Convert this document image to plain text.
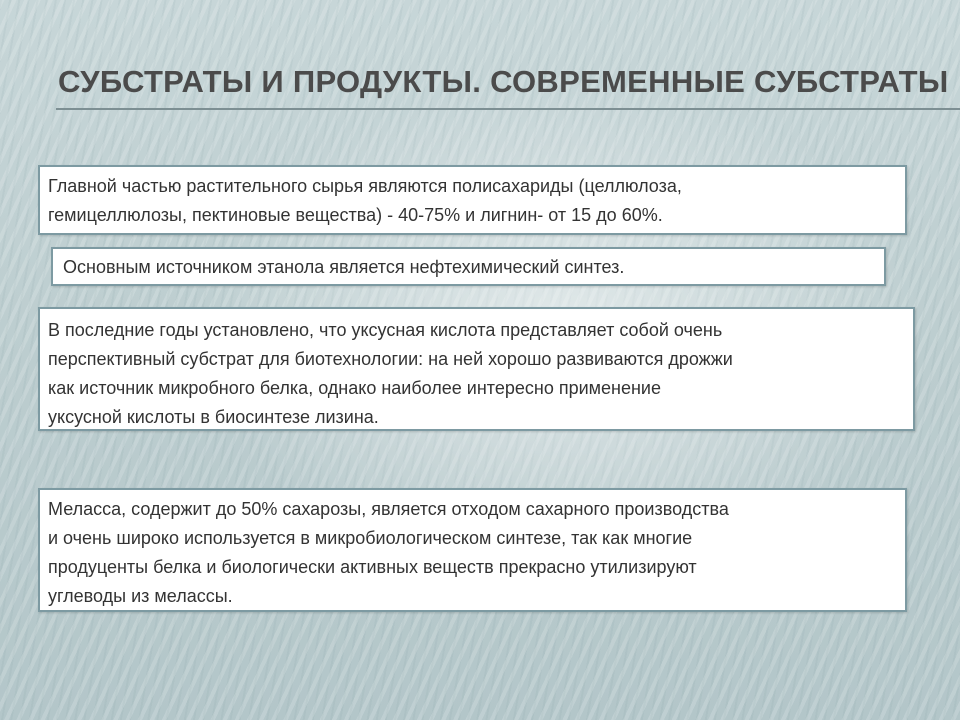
СУБСТРАТЫ И ПРОДУКТЫ. СОВРЕМЕННЫЕ СУБСТРАТЫ

Главной частью растительного сырья являются полисахариды (целлюлоза,

гемицеллюлозы, пектиновые вещества) - 40-75% и лигнин- от 15 до 60%.

Основным источником этанола является нефтехимический синтез.

В последние годы установлено, что уксусная кислота представляет собой очень

перспективный субстрат для биотехнологии: на ней хорошо развиваются дрожжи

как источник микробного белка, однако наиболее интересно применение

уксусной кислоты в биосинтезе лизина.

Меласса, содержит до 50% сахарозы, является отходом сахарного производства

и очень широко используется в микробиологическом синтезе, так как многие

продуценты белка и биологически активных веществ прекрасно утилизируют

углеводы из мелассы.
